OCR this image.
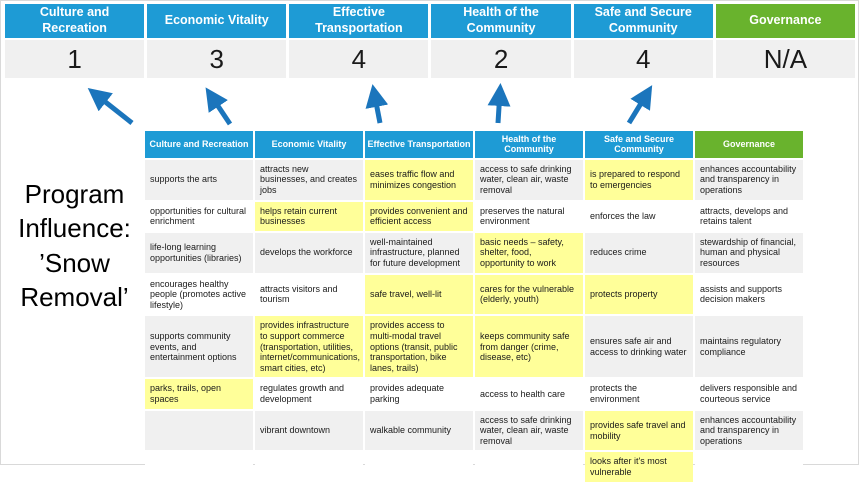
Culture and Recreation	Economic Vitality	Effective Transportation	Health of the Community	Safe and Secure Community	Governance
1	3	4	2	4	N/A
Program Influence: ’Snow Removal’
Culture and Recreation	Economic Vitality	Effective Transportation	Health of the Community	Safe and Secure Community	Governance
supports the arts	attracts new businesses, and creates jobs	eases traffic flow and minimizes congestion	access to safe drinking water, clean air, waste removal	is prepared to respond to emergencies	enhances accountability and transparency in operations
opportunities for cultural enrichment	helps retain current businesses	provides convenient and efficient access	preserves the natural environment	enforces the law	attracts, develops and retains talent
life-long learning opportunities (libraries)	develops the workforce	well-maintained infrastructure, planned for future development	basic needs – safety, shelter, food, opportunity to work	reduces crime	stewardship of financial, human and physical resources
encourages healthy people (promotes active lifestyle)	attracts visitors and tourism	safe travel, well-lit	cares for the vulnerable (elderly, youth)	protects property	assists and supports decision makers
supports community events, and entertainment options	provides infrastructure to support commerce (transportation, utilities, internet/communications, smart cities, etc)	provides access to multi-modal travel options (transit, public transportation, bike lanes, trails)	keeps community safe from danger (crime, disease, etc)	ensures safe air and access to drinking water	maintains regulatory compliance
parks, trails, open spaces	regulates growth and development	provides adequate parking	access to health care	protects the environment	delivers responsible and courteous service
	vibrant downtown	walkable community	access to safe drinking water, clean air, waste removal	provides safe travel and mobility	enhances accountability and transparency in operations
				looks after it's most vulnerable	
